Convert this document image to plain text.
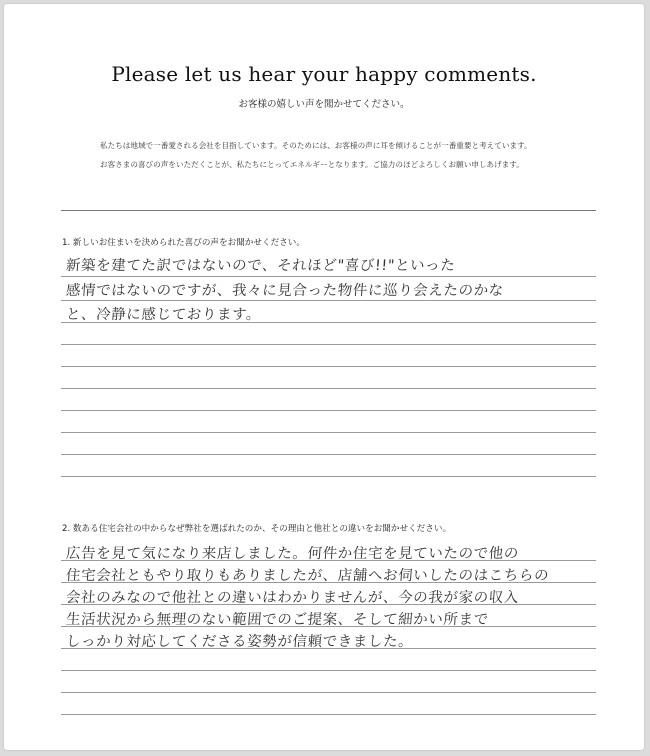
Please let us hear your happy comments.
お客様の嬉しい声を聞かせてください。
私たちは地域で一番愛される会社を目指しています。そのためには、お客様の声に耳を傾けることが一番重要と考えています。
お客さまの喜びの声をいただくことが、私たちにとってエネルギーとなります。ご協力のほどよろしくお願い申しあげます。
1. 新しいお住まいを決められた喜びの声をお聞かせください。
新築を建てた訳ではないので、それほど"喜び!!"といった
感情ではないのですが、我々に見合った物件に巡り会えたのかな
と、冷静に感じております。
2. 数ある住宅会社の中からなぜ弊社を選ばれたのか、その理由と他社との違いをお聞かせください。
広告を見て気になり来店しました。何件か住宅を見ていたので他の
住宅会社ともやり取りもありましたが、店舗へお伺いしたのはこちらの
会社のみなので他社との違いはわかりませんが、今の我が家の収入
生活状況から無理のない範囲でのご提案、そして細かい所まで
しっかり対応してくださる姿勢が信頼できました。
